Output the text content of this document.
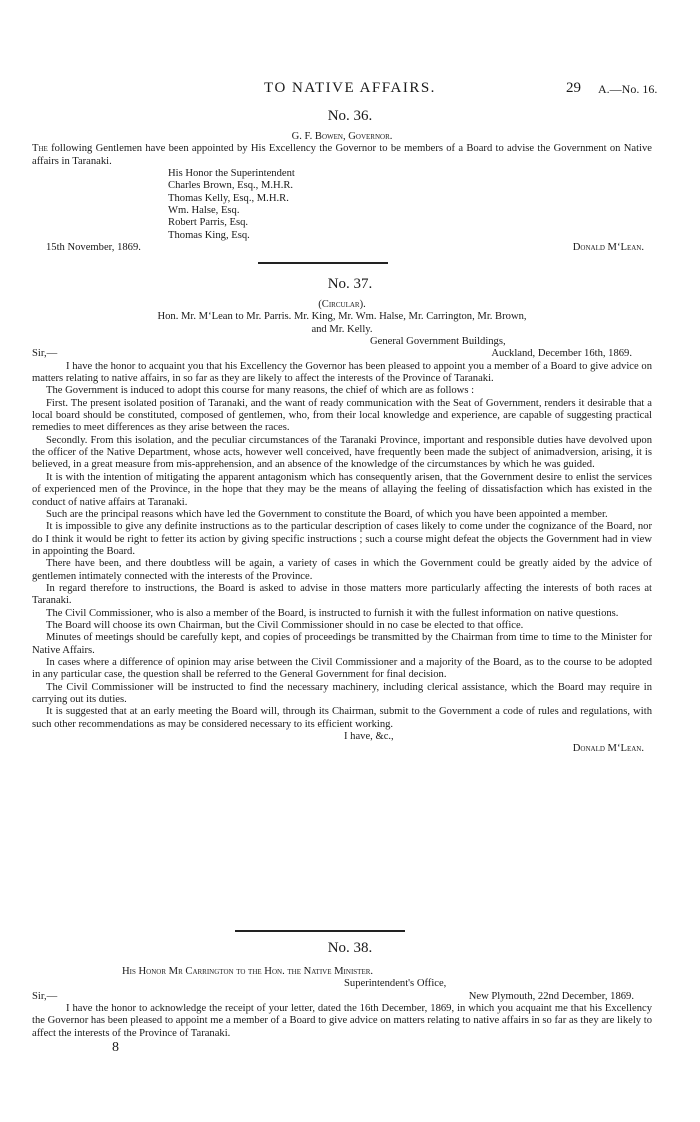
TO NATIVE AFFAIRS.	29 A.—No. 16.
No. 36.
G. F. Bowen, Governor.

The following Gentlemen have been appointed by His Excellency the Governor to be members of a Board to advise the Government on Native affairs in Taranaki.

His Honor the Superintendent
Charles Brown, Esq., M.H.R.
Thomas Kelly, Esq., M.H.R.
Wm. Halse, Esq.
Robert Parris, Esq.
Thomas King, Esq.
15th November, 1869.	Donald M‘Lean.
No. 37.
(Circular).
Hon. Mr. M‘Lean to Mr. Parris. Mr. King, Mr. Wm. Halse, Mr. Carrington, Mr. Brown,
and Mr. Kelly.
General Government Buildings,
Sir,—	Auckland, December 16th, 1869.

I have the honor to acquaint you that his Excellency the Governor has been pleased to appoint you a member of a Board to give advice on matters relating to native affairs, in so far as they are likely to affect the interests of the Province of Taranaki.

The Government is induced to adopt this course for many reasons, the chief of which are as follows :

First. The present isolated position of Taranaki, and the want of ready communication with the Seat of Government, renders it desirable that a local board should be constituted, composed of gentlemen, who, from their local knowledge and experience, are capable of suggesting practical remedies to meet differences as they arise between the races.

Secondly. From this isolation, and the peculiar circumstances of the Taranaki Province, important and responsible duties have devolved upon the officer of the Native Department, whose acts, however well conceived, have frequently been made the subject of animadversion, arising, it is believed, in a great measure from mis-apprehension, and an absence of the knowledge of the circumstances by which he was guided.

It is with the intention of mitigating the apparent antagonism which has consequently arisen, that the Government desire to enlist the services of experienced men of the Province, in the hope that they may be the means of allaying the feeling of dissatisfaction which has existed in the conduct of native affairs at Taranaki.

Such are the principal reasons which have led the Government to constitute the Board, of which you have been appointed a member.

It is impossible to give any definite instructions as to the particular description of cases likely to come under the cognizance of the Board, nor do I think it would be right to fetter its action by giving specific instructions ; such a course might defeat the objects the Government had in view in appointing the Board.

There have been, and there doubtless will be again, a variety of cases in which the Government could be greatly aided by the advice of gentlemen intimately connected with the interests of the Province.

In regard therefore to instructions, the Board is asked to advise in those matters more particularly affecting the interests of both races at Taranaki.

The Civil Commissioner, who is also a member of the Board, is instructed to furnish it with the fullest information on native questions.

The Board will choose its own Chairman, but the Civil Commissioner should in no case be elected to that office.

Minutes of meetings should be carefully kept, and copies of proceedings be transmitted by the Chairman from time to time to the Minister for Native Affairs.

In cases where a difference of opinion may arise between the Civil Commissioner and a majority of the Board, as to the course to be adopted in any particular case, the question shall be referred to the General Government for final decision.

The Civil Commissioner will be instructed to find the necessary machinery, including clerical assistance, which the Board may require in carrying out its duties.

It is suggested that at an early meeting the Board will, through its Chairman, submit to the Government a code of rules and regulations, with such other recommendations as may be considered necessary to its efficient working.

I have, &c.,
Donald M‘Lean.
No. 38.
His Honor Mr Carrington to the Hon. the Native Minister.
Superintendent's Office,
Sir,—	New Plymouth, 22nd December, 1869.

I have the honor to acknowledge the receipt of your letter, dated the 16th December, 1869, in which you acquaint me that his Excellency the Governor has been pleased to appoint me a member of a Board to give advice on matters relating to native affairs in so far as they are likely to affect the interests of the Province of Taranaki.

8
